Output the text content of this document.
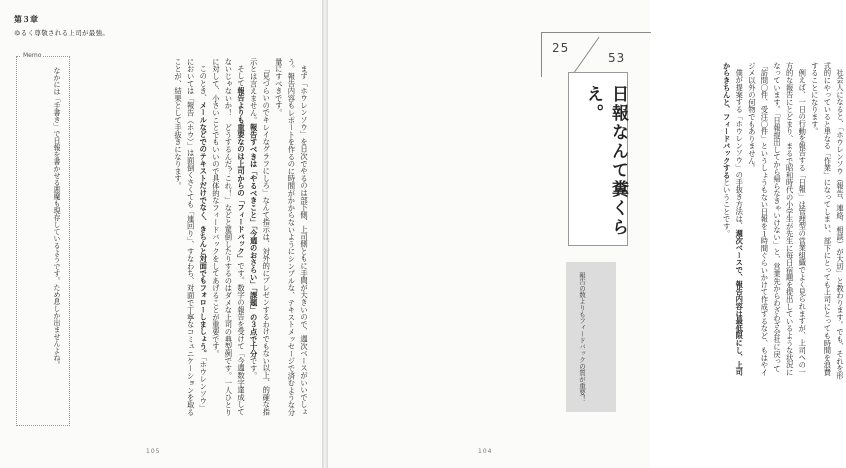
第３章
ゆるく尊敬される上司が最強。
Memo
なかには「手書き」で日報を書かせる悪魔も現存しているようです。ため息しか出ませんよね。	まず「ホウレンソウ」を日次でやるのは部下側、上司側ともに手間が大きいので、週次ベースがいいでしょう。報告内容もレポートを作るのに時間がかからないようにシンプルな、テキストメッセージで済むような分量にすべきです。

「見づらいのでキレイなグラフにしろ」なんて指示は、対外的にプレゼンするわけでもない以上、的確な指示とは言えません。報告すべきは「やるべきこと」「今週のおさらい」「課題」の３点で十分です。

そして報告よりも重要なのは上司からの「フィードバック」です。数字の報告を受けて「今週数字達成してないじゃないか！　どうするんだ？これ！」などと罵倒したりするのはダメな上司の典型例です。一人ひとりに対して、小さいことでもいいので具体的なフィードバックをしてあげることが重要です。

このとき、メールなどでのテキストだけでなく、きちんと対面でもフォローしましょう。「ホウレンソウ」においては「報告（ホウ）」は面倒くさくても「連回り」、すなわち、対面で丁寧なコミュニケーションを取ることが、結果として手抜きになります。

105

社会人になると、「ホウレンソウ（報告、連絡、相談）が大切」と教わります。でも、それを形式的にやっていると単なる「作業」になってしまい、部下にとっても上司にとっても時間を浪費することになります。

例えば、一日の行動を報告する「日報」は管理型の営業組織でよく見られますが、上司への一方的な報告にとどまり、まるで昭和時代の小学生が先生に毎日宿題を提出しているような状況になっています。「日報提出してから帰らなきゃいけない」と、営業先からわざわざ会社に戻って「訪問〇件、受注〇件」というしょうもない日報を１時間ぐらいかけて作成するなど、もはやイジメ以外の何物でもありません。

僕が提案する「ホウレンソウ」の手抜き方法は、週次ベースで、報告内容は最低限にし、上司からきちんと、フィードバックするということです。

104
25
53
日報なんて糞くらえ。
報告の数よりもフィードバックの質が重要！
